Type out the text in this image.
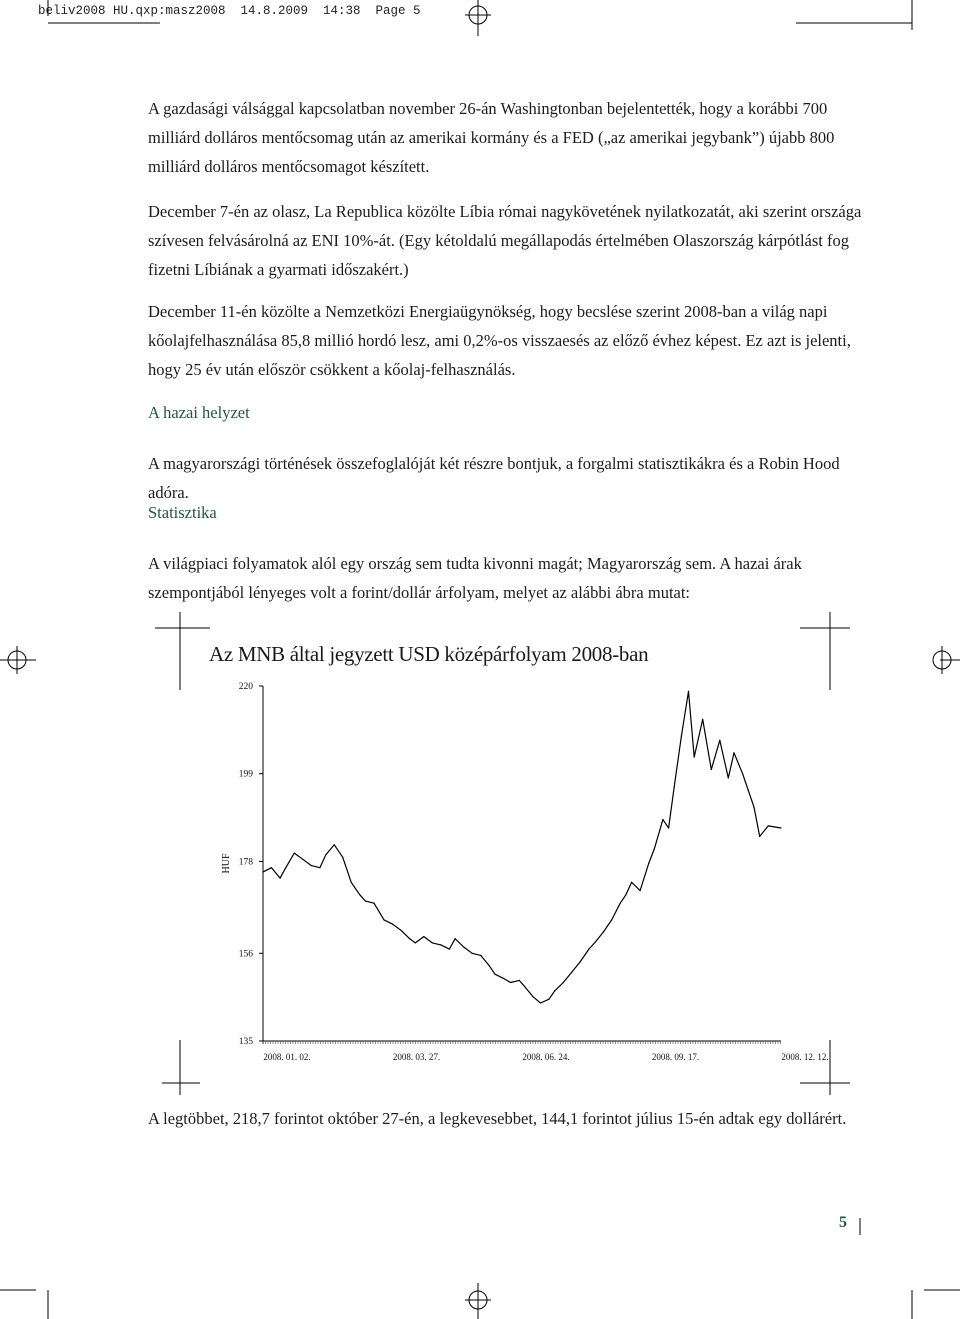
beliv2008 HU.qxp:masz2008  14.8.2009  14:38  Page 5

A gazdasági válsággal kapcsolatban november 26-án Washingtonban bejelentették, hogy a korábbi 700 milliárd dolláros mentőcsomag után az amerikai kormány és a FED („az amerikai jegybank”) újabb 800 milliárd dolláros mentőcsomagot készített.

December 7-én az olasz, La Republica közölte Líbia római nagykövetének nyilatkozatát, aki szerint országa szívesen felvásárolná az ENI 10%-át. (Egy kétoldalú megállapodás értelmében Olaszország kárpótlást fog fizetni Líbiának a gyarmati időszakért.)

December 11-én közölte a Nemzetközi Energiaügynökség, hogy becslése szerint 2008-ban a világ napi kőolajfelhasználása 85,8 millió hordó lesz, ami 0,2%-os visszaesés az előző évhez képest. Ez azt is jelenti, hogy 25 év után először csökkent a kőolaj-felhasználás.

A hazai helyzet

A magyarországi történések összefoglalóját két részre bontjuk, a forgalmi statisztikákra és a Robin Hood adóra.

Statisztika

A világpiaci folyamatok alól egy ország sem tudta kivonni magát; Magyarország sem. A hazai árak szempontjából lényeges volt a forint/dollár árfolyam, melyet az alábbi ábra mutat:

Az MNB által jegyzett USD középárfolyam 2008-ban
220
199
178
156
135
HUF
2008. 01. 02.	2008. 03. 27.	2008. 06. 24.	2008. 09. 17.	2008. 12. 12.

A legtöbbet, 218,7 forintot október 27-én, a legkevesebbet, 144,1 forintot július 15-én adtak egy dollárért.

5
